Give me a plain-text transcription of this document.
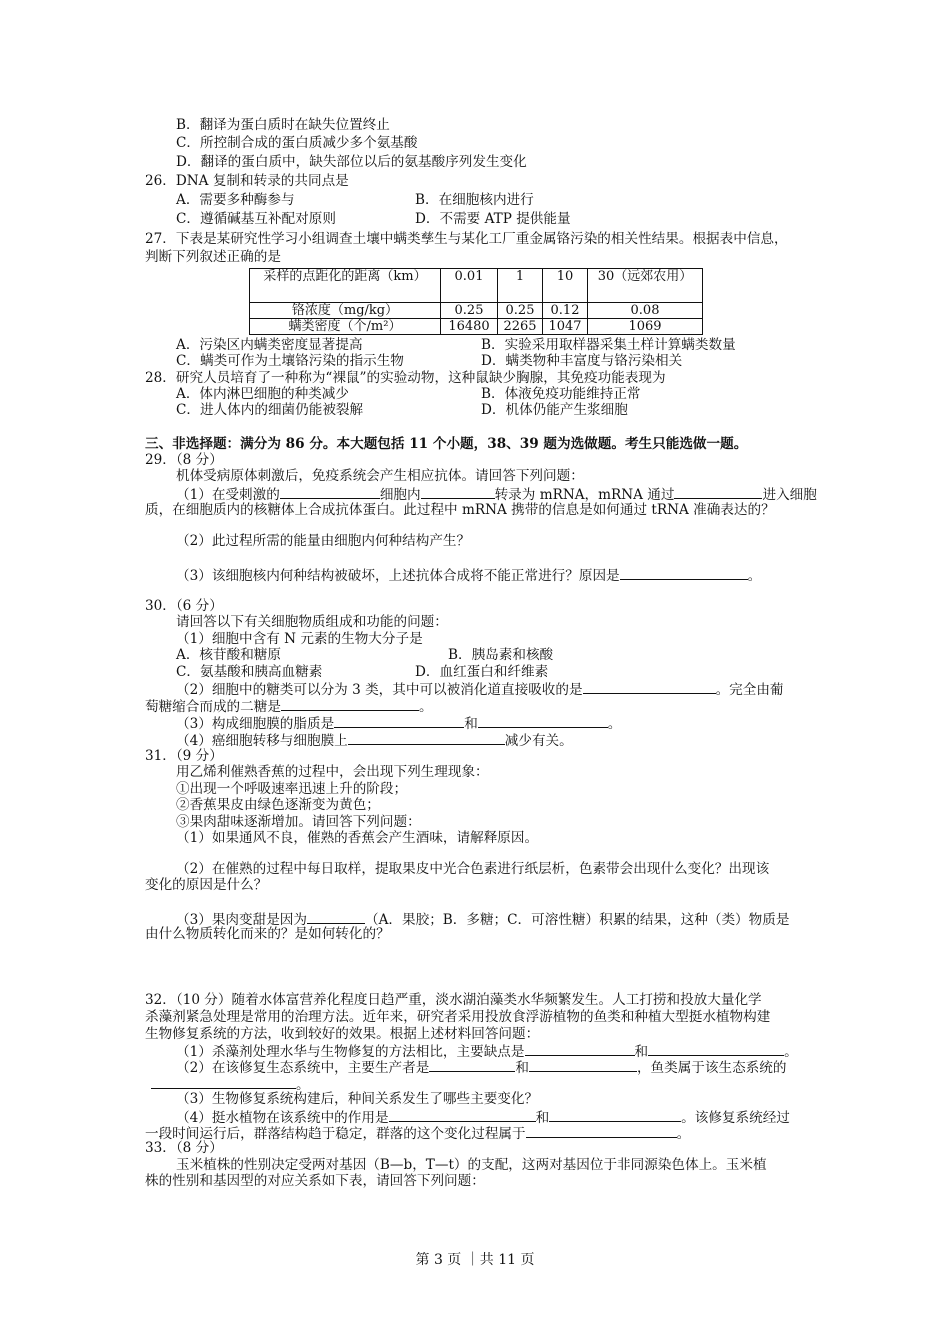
B．翻译为蛋白质时在缺失位置终止
C．所控制合成的蛋白质减少多个氨基酸
D．翻译的蛋白质中，缺失部位以后的氨基酸序列发生变化
26．DNA 复制和转录的共同点是
A．需要多种酶参与	B．在细胞核内进行
C．遵循碱基互补配对原则	D．不需要 ATP 提供能量
27．下表是某研究性学习小组调查土壤中螨类孳生与某化工厂重金属铬污染的相关性结果。根据表中信息，
判断下列叙述正确的是
采样的点距化的距离（km）	0.01	1	10	30（远郊农用）
铬浓度（mg/kg）	0.25	0.25	0.12	0.08
螨类密度（个/m²）	16480	2265	1047	1069
A．污染区内螨类密度显著提高	B．实验采用取样器采集土样计算螨类数量
C．螨类可作为土壤铬污染的指示生物	D．螨类物种丰富度与铬污染相关
28．研究人员培育了一种称为“裸鼠”的实验动物，这种鼠缺少胸腺，其免疫功能表现为
A．体内淋巴细胞的种类减少	B．体液免疫功能维持正常
C．进人体内的细菌仍能被裂解	D．机体仍能产生浆细胞
三、非选择题：满分为 86 分。本大题包括 11 个小题，38、39 题为选做题。考生只能选做一题。
29．（8 分）
机体受病原体刺激后，免疫系统会产生相应抗体。请回答下列问题：
（1）在受刺激的	细胞内	转录为 mRNA，mRNA 通过	进入细胞
质，在细胞质内的核糖体上合成抗体蛋白。此过程中 mRNA 携带的信息是如何通过 tRNA 准确表达的？
（2）此过程所需的能量由细胞内何种结构产生？
（3）该细胞核内何种结构被破坏，上述抗体合成将不能正常进行？原因是	。
30．（6 分）
请回答以下有关细胞物质组成和功能的问题：
（1）细胞中含有 N 元素的生物大分子是
A．核苷酸和糖原	B．胰岛素和核酸
C．氨基酸和胰高血糖素	D．血红蛋白和纤维素
（2）细胞中的糖类可以分为 3 类，其中可以被消化道直接吸收的是	。完全由葡
萄糖缩合而成的二糖是	。
（3）构成细胞膜的脂质是	和	。
（4）癌细胞转移与细胞膜上	减少有关。
31．（9 分）
用乙烯利催熟香蕉的过程中，会出现下列生理现象：
①出现一个呼吸速率迅速上升的阶段；
②香蕉果皮由绿色逐渐变为黄色；
③果肉甜味逐渐增加。请回答下列问题：
（1）如果通风不良，催熟的香蕉会产生酒味，请解释原因。
（2）在催熟的过程中每日取样，提取果皮中光合色素进行纸层析，色素带会出现什么变化？出现该
变化的原因是什么？
（3）果肉变甜是因为	（A．果胶；B．多糖；C．可溶性糖）积累的结果，这种（类）物质是
由什么物质转化而来的？是如何转化的？
32．（10 分）随着水体富营养化程度日趋严重，淡水湖泊藻类水华频繁发生。人工打捞和投放大量化学
杀藻剂紧急处理是常用的治理方法。近年来，研究者采用投放食浮游植物的鱼类和种植大型挺水植物构建
生物修复系统的方法，收到较好的效果。根据上述材料回答问题：
（1）杀藻剂处理水华与生物修复的方法相比，主要缺点是	和	。
（2）在该修复生态系统中，主要生产者是	和	，鱼类属于该生态系统的
。
（3）生物修复系统构建后，种间关系发生了哪些主要变化？
（4）挺水植物在该系统中的作用是	和	。该修复系统经过
一段时间运行后，群落结构趋于稳定，群落的这个变化过程属于	。
33．（8 分）
玉米植株的性别决定受两对基因（B—b，T—t）的支配，这两对基因位于非同源染色体上。玉米植
株的性别和基因型的对应关系如下表，请回答下列问题：
第 3 页 ｜共 11 页
